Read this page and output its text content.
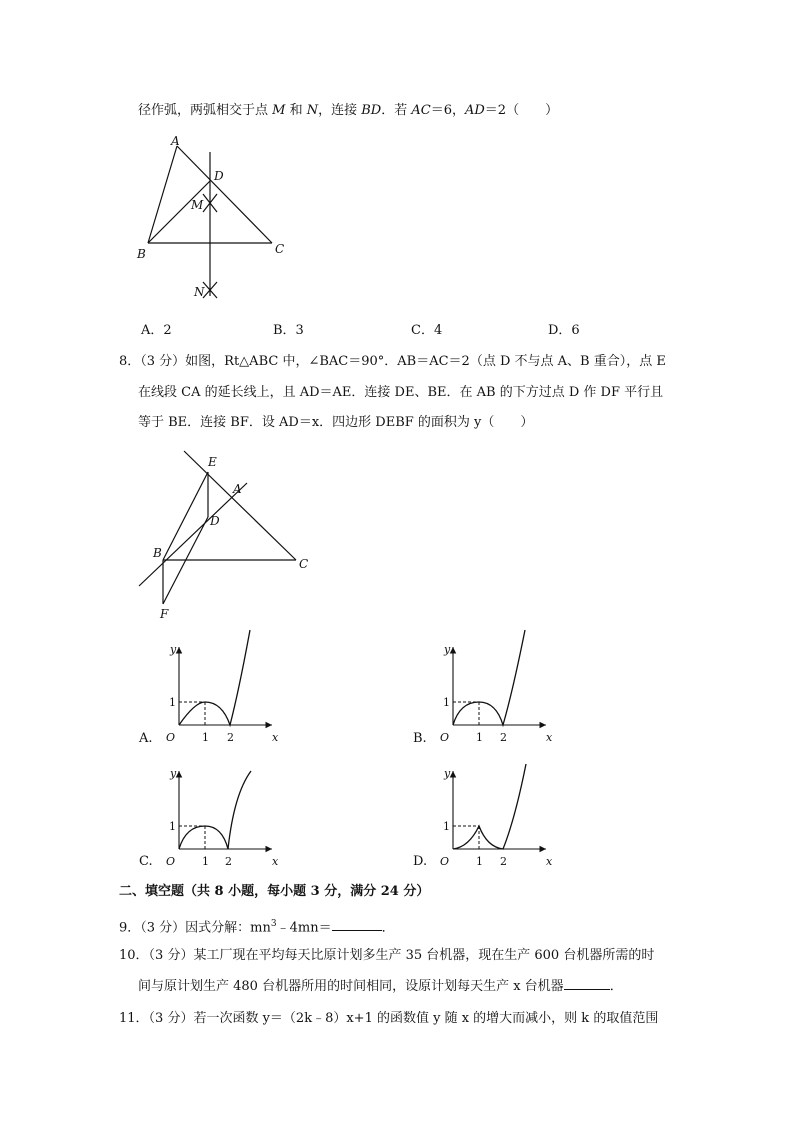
径作弧，两弧相交于点 M 和 N，连接 BD．若 AC＝6，AD＝2（　　）
A
D
M
B	C
N
A．2	B．3	C．4	D．6
8．（3 分）如图，Rt△ABC 中，∠BAC＝90°．AB＝AC＝2（点 D 不与点 A、B 重合），点 E
在线段 CA 的延长线上，且 AD＝AE．连接 DE、BE．在 AB 的下方过点 D 作 DF 平行且
等于 BE．连接 BF．设 AD＝x．四边形 DEBF 的面积为 y（　　）
E
A
D
B
C
F
y
x
O
1
1 2
y
x
O
1
1 2
y
x
O
1
1 2
y
x
O
1
1 2
A.	B.
C.	D.
二、填空题（共 8 小题，每小题 3 分，满分 24 分）
9．（3 分）因式分解：$mn^3﹣4mn=$	．
10．（3 分）某工厂现在平均每天比原计划多生产 35 台机器，现在生产 600 台机器所需的时
间与原计划生产 480 台机器所用的时间相同，设原计划每天生产 x 台机器	．
11．（3 分）若一次函数 y＝（2k﹣8）x+1 的函数值 y 随 x 的增大而减小，则 k 的取值范围
